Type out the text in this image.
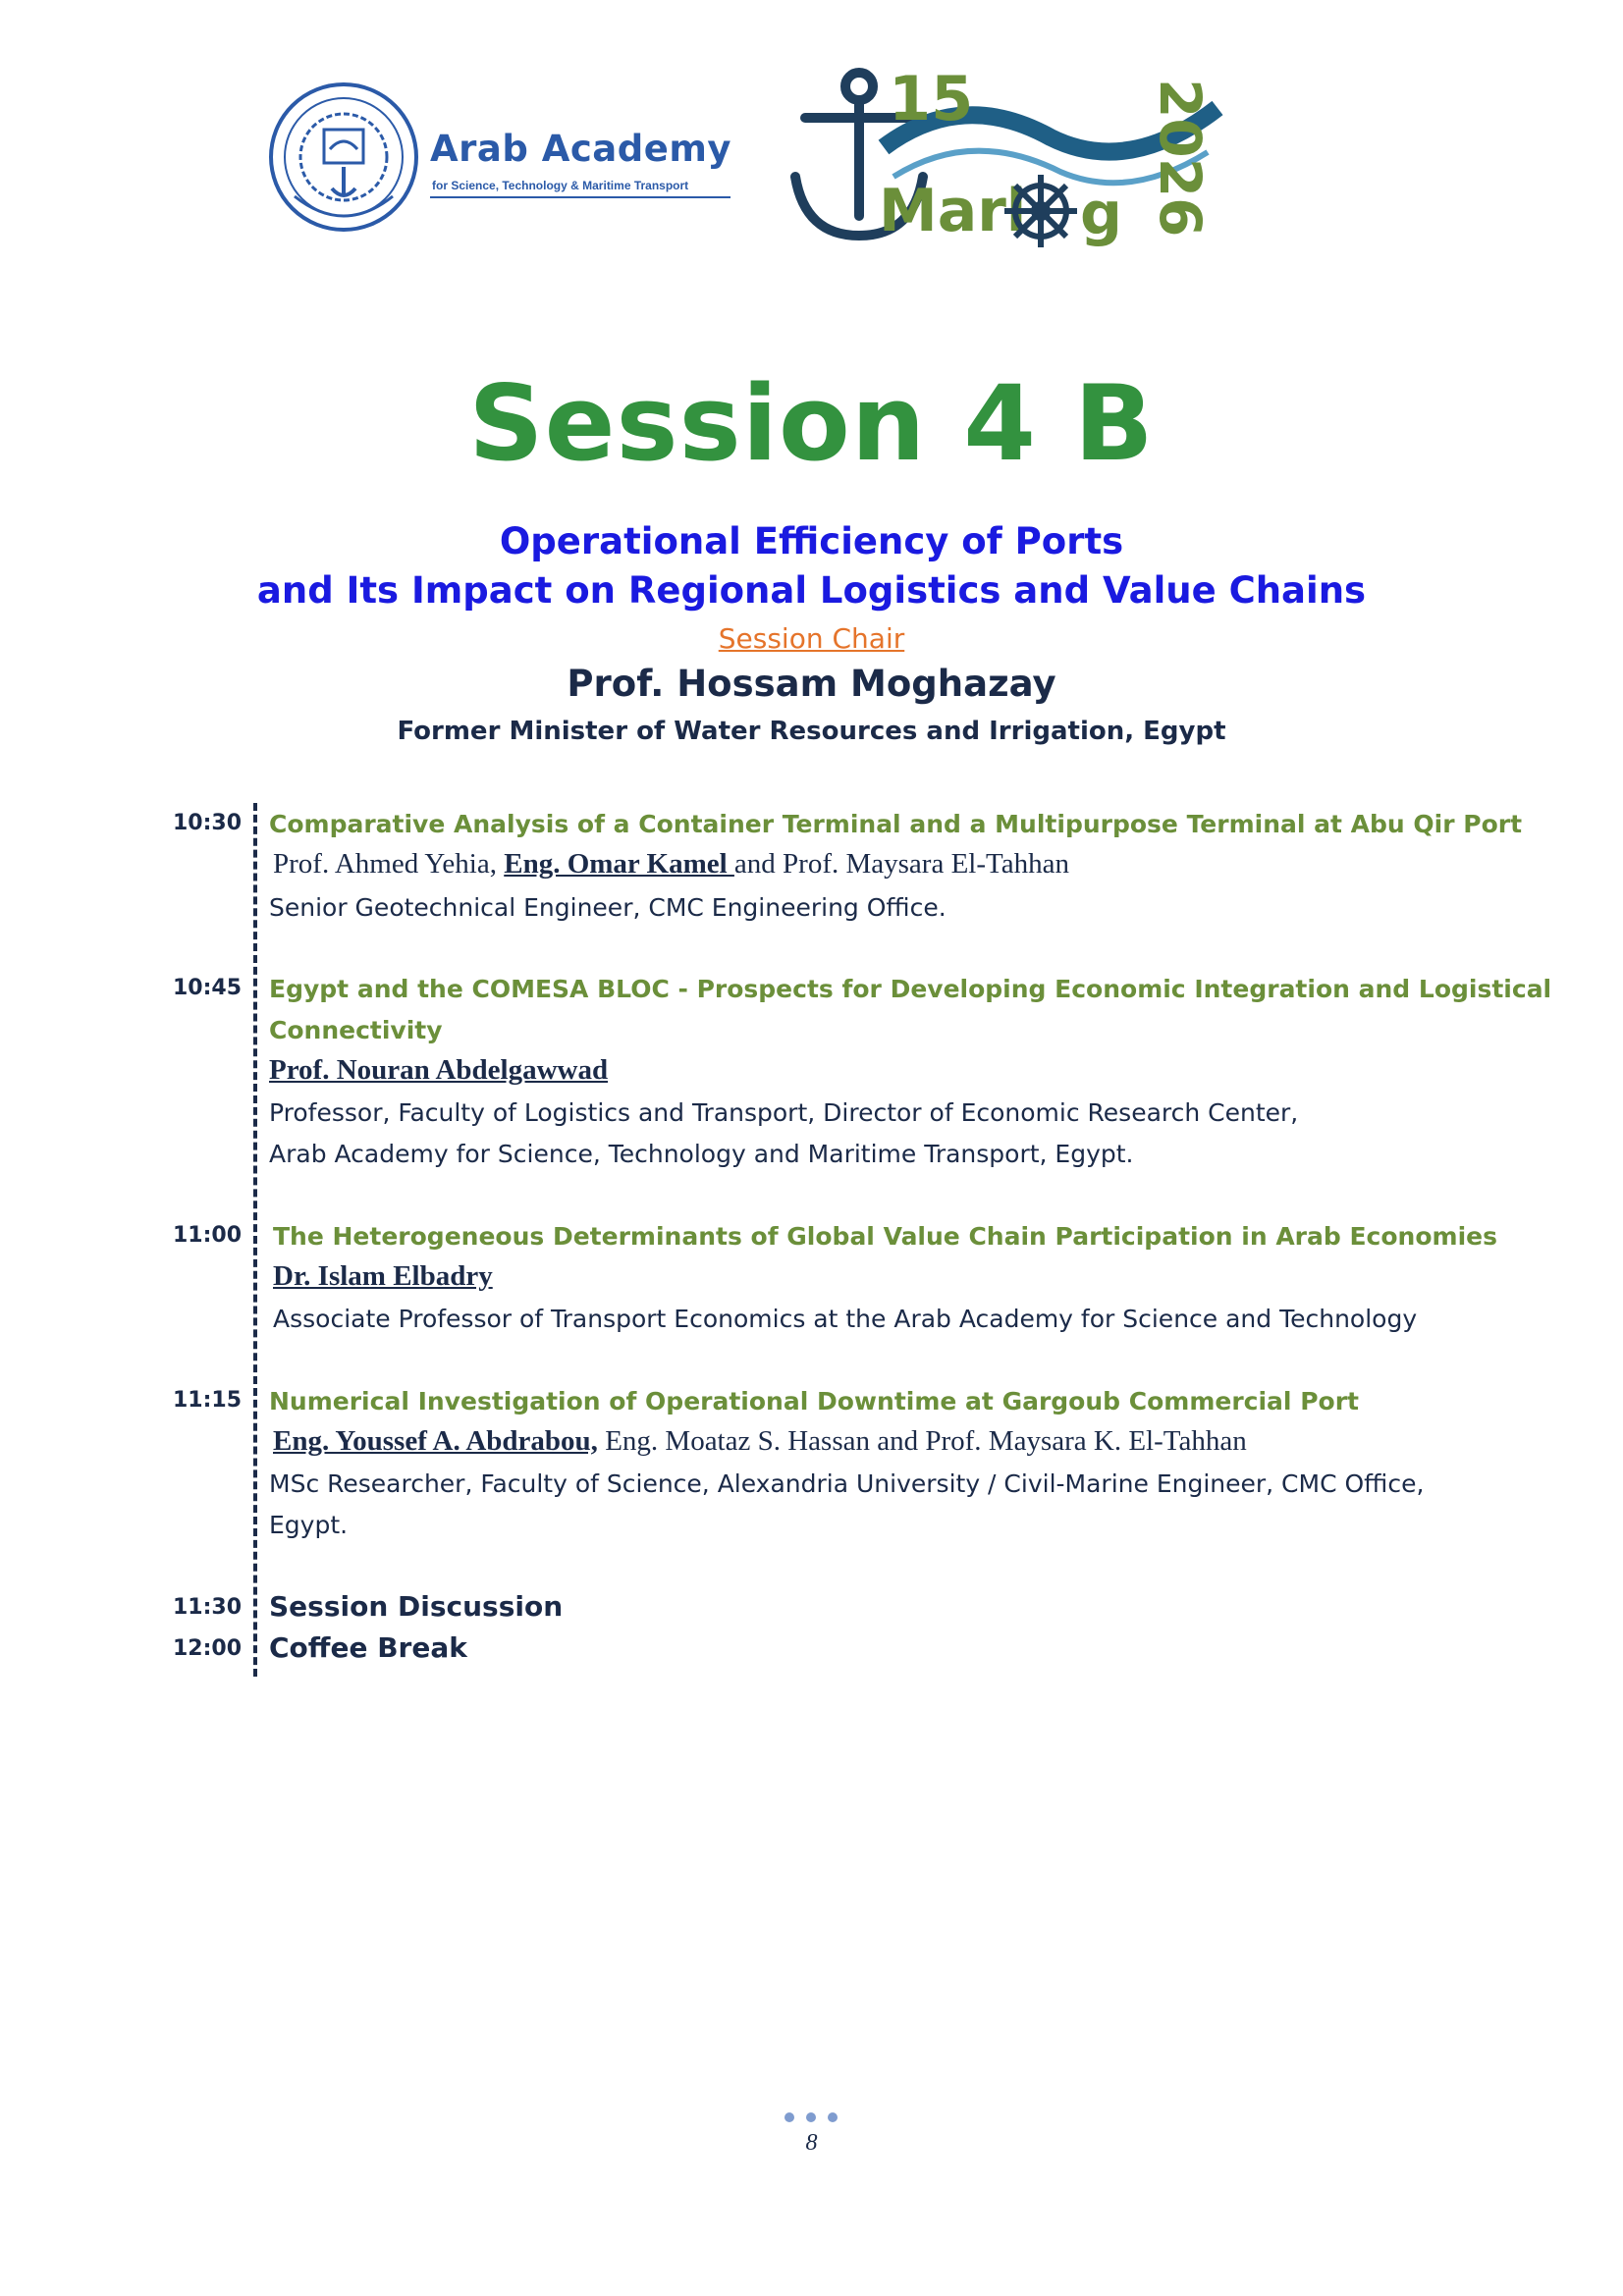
Arab Academy
for Science, Technology & Maritime Transport
15
Marl g 2026
Session 4 B
Operational Efficiency of Ports
and Its Impact on Regional Logistics and Value Chains
Session Chair
Prof. Hossam Moghazay
Former Minister of Water Resources and Irrigation, Egypt
10:30 Comparative Analysis of a Container Terminal and a Multipurpose Terminal at Abu Qir Port
Prof. Ahmed Yehia, Eng. Omar Kamel and Prof. Maysara El-Tahhan
Senior Geotechnical Engineer, CMC Engineering Office.
10:45 Egypt and the COMESA BLOC - Prospects for Developing Economic Integration and Logistical
Connectivity
Prof. Nouran Abdelgawwad
Professor, Faculty of Logistics and Transport, Director of Economic Research Center,
Arab Academy for Science, Technology and Maritime Transport, Egypt.
11:00 The Heterogeneous Determinants of Global Value Chain Participation in Arab Economies
Dr. Islam Elbadry
Associate Professor of Transport Economics at the Arab Academy for Science and Technology
11:15 Numerical Investigation of Operational Downtime at Gargoub Commercial Port
Eng. Youssef A. Abdrabou, Eng. Moataz S. Hassan and Prof. Maysara K. El-Tahhan
MSc Researcher, Faculty of Science, Alexandria University / Civil-Marine Engineer, CMC Office,
Egypt.
11:30 Session Discussion
12:00 Coffee Break
8
